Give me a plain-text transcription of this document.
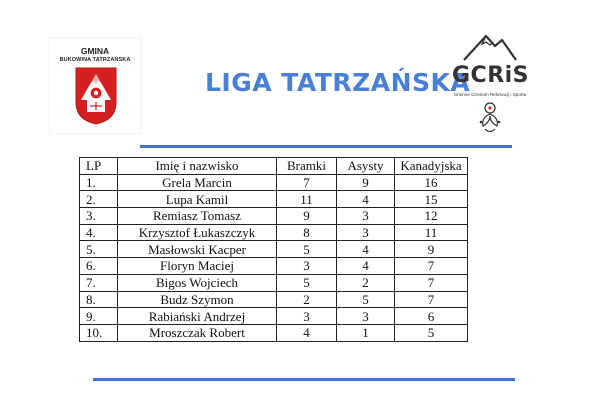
GMINA
BUKOWINA TATRZAŃSKA
LIGA TATRZAŃSKA
GCRiS
Gminne Centrum Rekreacji i Sportu
LP	Imię i nazwisko	Bramki	Asysty	Kanadyjska
1.	Grela Marcin	7	9	16
2.	Lupa Kamil	11	4	15
3.	Remiasz Tomasz	9	3	12
4.	Krzysztof Łukaszczyk	8	3	11
5.	Masłowski Kacper	5	4	9
6.	Floryn Maciej	3	4	7
7.	Bigos Wojciech	5	2	7
8.	Budz Szymon	2	5	7
9.	Rabiański Andrzej	3	3	6
10.	Mroszczak Robert	4	1	5
